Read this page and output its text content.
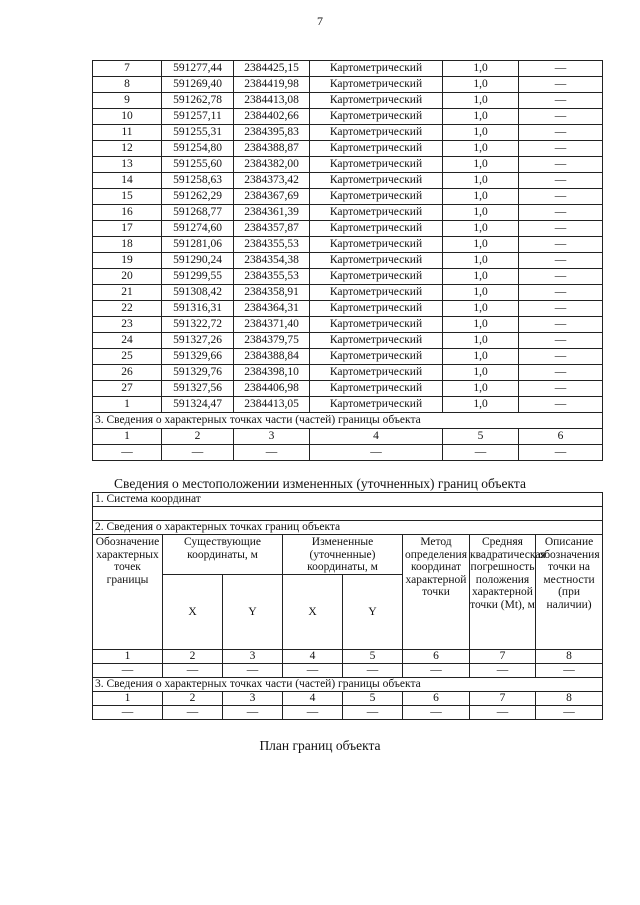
7
7	591277,44	2384425,15	Картометрический	1,0	—
8	591269,40	2384419,98	Картометрический	1,0	—
9	591262,78	2384413,08	Картометрический	1,0	—
10	591257,11	2384402,66	Картометрический	1,0	—
11	591255,31	2384395,83	Картометрический	1,0	—
12	591254,80	2384388,87	Картометрический	1,0	—
13	591255,60	2384382,00	Картометрический	1,0	—
14	591258,63	2384373,42	Картометрический	1,0	—
15	591262,29	2384367,69	Картометрический	1,0	—
16	591268,77	2384361,39	Картометрический	1,0	—
17	591274,60	2384357,87	Картометрический	1,0	—
18	591281,06	2384355,53	Картометрический	1,0	—
19	591290,24	2384354,38	Картометрический	1,0	—
20	591299,55	2384355,53	Картометрический	1,0	—
21	591308,42	2384358,91	Картометрический	1,0	—
22	591316,31	2384364,31	Картометрический	1,0	—
23	591322,72	2384371,40	Картометрический	1,0	—
24	591327,26	2384379,75	Картометрический	1,0	—
25	591329,66	2384388,84	Картометрический	1,0	—
26	591329,76	2384398,10	Картометрический	1,0	—
27	591327,56	2384406,98	Картометрический	1,0	—
1	591324,47	2384413,05	Картометрический	1,0	—
3. Сведения о характерных точках части (частей) границы объекта					
1	2	3	4	5	6
—	—	—	—	—	—
Сведения о местоположении измененных (уточненных) границ объекта
1. Система координат							

2. Сведения о характерных точках границ объекта							
Обозначение характерных точек границы	Существующие координаты, м		Измененные (уточненные) координаты, м		Метод определения координат характерной точки	Средняя квадратическая погрешность положения характерной точки (Mt), м	Описание обозначения точки на местности (при наличии)
	X	Y	X	Y			
1	2	3	4	5	6	7	8
—	—	—	—	—	—	—	—
3. Сведения о характерных точках части (частей) границы объекта							
1	2	3	4	5	6	7	8
—	—	—	—	—	—	—	—
План границ объекта
